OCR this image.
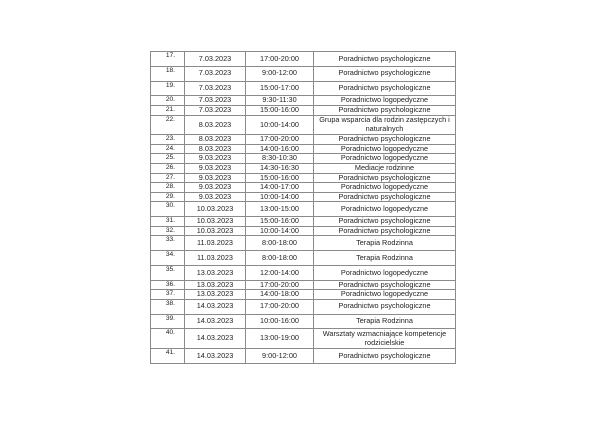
17.	7.03.2023	17:00-20:00	Poradnictwo psychologiczne
18.	7.03.2023	9:00-12:00	Poradnictwo psychologiczne
19.	7.03.2023	15:00-17:00	Poradnictwo psychologiczne
20.	7.03.2023	9:30-11:30	Poradnictwo logopedyczne
21.	7.03.2023	15:00-16:00	Poradnictwo psychologiczne
22.	8.03.2023	10:00-14:00	Grupa wsparcia dla rodzin zastępczych i naturalnych
23.	8.03.2023	17:00-20:00	Poradnictwo psychologiczne
24.	8.03.2023	14:00-16:00	Poradnictwo logopedyczne
25.	9.03.2023	8:30-10:30	Poradnictwo logopedyczne
26.	9.03.2023	14:30-16:30	Mediacje rodzinne
27.	9.03.2023	15:00-16:00	Poradnictwo psychologiczne
28.	9.03.2023	14:00-17:00	Poradnictwo logopedyczne
29.	9.03.2023	10:00-14:00	Poradnictwo psychologiczne
30.	10.03.2023	13:00-15:00	Poradnictwo logopedyczne
31.	10.03.2023	15:00-16:00	Poradnictwo psychologiczne
32.	10.03.2023	10:00-14:00	Poradnictwo psychologiczne
33.	11.03.2023	8:00-18:00	Terapia Rodzinna
34.	11.03.2023	8:00-18:00	Terapia Rodzinna
35.	13.03.2023	12:00-14:00	Poradnictwo logopedyczne
36.	13.03.2023	17:00-20:00	Poradnictwo psychologiczne
37.	13.03.2023	14:00-18:00	Poradnictwo logopedyczne
38.	14.03.2023	17:00-20:00	Poradnictwo psychologiczne
39.	14.03.2023	10:00-16:00	Terapia Rodzinna
40.	14.03.2023	13:00-19:00	Warsztaty wzmacniające kompetencje rodzicielskie
41.	14.03.2023	9:00-12:00	Poradnictwo psychologiczne
